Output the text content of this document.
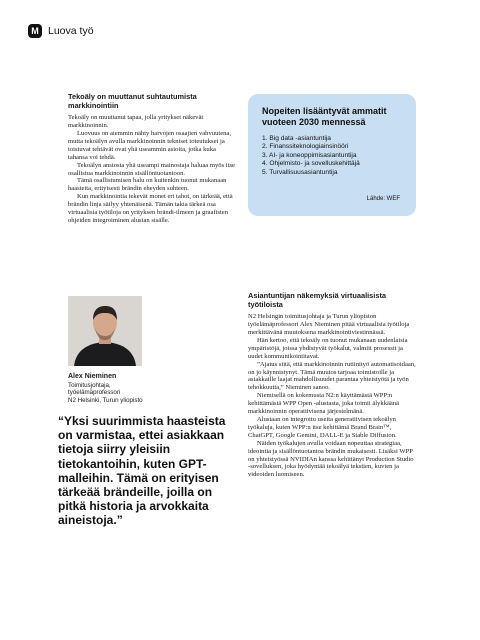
M Luova työ
Tekoäly on muuttanut suhtautumista markkinointiin

Tekoäly on muuttanut tapaa, jolla yritykset näkevät markkinoinnin.

Luovuus on aiemmin nähty harvojen osaajien vahvuutena, mutta tekoälyn avulla markkinoinnin tekniset toteutukset ja toistuvat tehtävät ovat yhä useammin asioita, jotka kuka tahansa voi tehdä.

Tekoälyn ansiosta yhä useampi mainostaja haluaa myös itse osallistua markkinoinnin sisällöntuotantoon.

Tämä osallistumisen halu on kuitenkin tuonut mukanaan haasteita, erityisesti brändin eheyden suhteen.

Kun markkinointia tekevät monet eri tahot, on tärkeää, että brändin linja säilyy yhtenäisenä. Tämän takia tärkeä osa virtuaalisia työtiloja on yrityksen brändi-ilmeen ja graafisten ohjeiden integroiminen alustan sisälle.

Nopeiten lisääntyvät ammatit vuoteen 2030 mennessä
1. Big data -asiantuntija
2. Finanssiteknologiainsinööri
3. AI- ja koneoppimisasiantuntija
4. Ohjelmisto- ja sovelluskehittäjä
5. Turvallisuusasiantuntija
Lähde: WEF
Alex Nieminen
Toimitusjohtaja,
työelämäprofessori
N2 Helsinki, Turun yliopisto
“Yksi suurimmista haasteista on varmistaa, ettei asiakkaan tietoja siirry yleisiin tietokantoihin, kuten GPT-malleihin. Tämä on erityisen tärkeää brändeille, joilla on pitkä historia ja arvokkaita aineistoja.”
Asiantuntijan näkemyksiä virtuaalisista työtiloista

N2 Helsingin toimitusjohtaja ja Turun yliopiston työelämäprofessori Alex Nieminen pitää virtuaalisia työtiloja merkittävänä muutoksena markkinointiviestinnässä.

Hän kertoo, että tekoäly on tuonut mukanaan uudenlaisia ympäristöjä, joissa yhdistyvät työkalut, valmiit prosessit ja uudet kommunikointitavat.

”Ajatus siitä, että markkinoinnin rutiinityö automatisoidaan, on jo käynnistynyt. Tämä muutos tarjoaa toimistoille ja asiakkaille laajat mahdollisuudet parantaa yhteistyötä ja työn tehokkuutta,” Nieminen sanoo.

Niemisellä on kokemusta N2:n käyttämästä WPP:n kehittämästä WPP Open -alustasta, joka toimii älykkäänä markkinoinnin operatiivisena järjestelmänä.

Alustaan on integroitu useita generatiivisen tekoälyn työkaluja, kuten WPP:n itse kehittämä Brand Brain™, ChatGPT, Google Gemini, DALL-E ja Stable Diffusion.

Näiden työkalujen avulla voidaan nopeuttaa strategiaa, ideointia ja sisällöntuotantoa brändin mukaisesti. Lisäksi WPP on yhteistyössä NVIDIAn kanssa kehittänyt Production Studio -sovelluksen, joka hyödyntää tekoälyä tekstien, kuvien ja videoiden luomiseen.
